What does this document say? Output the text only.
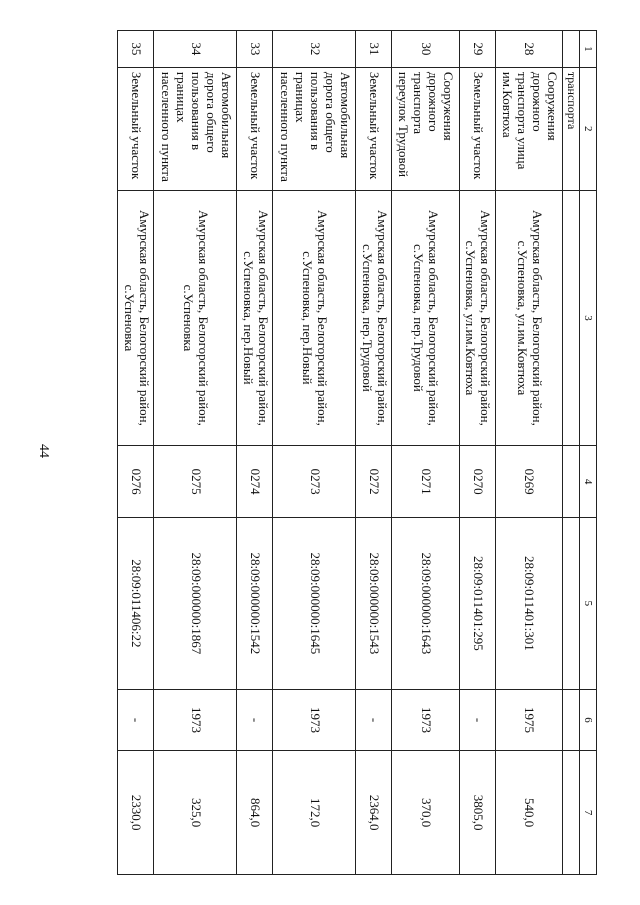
44
1	2	3	4	5	6	7
	транспорта					
28	Сооружения дорожного транспорта улица им.Ковтюха	Амурская область, Белогорский район, с.Успеновка, ул.им.Ковтюха	0269	28:09:011401:301	1975	540,0
29	Земельный участок	Амурская область, Белогорский район, с.Успеновка, ул.им.Ковтюха	0270	28:09:011401:295	-	3805,0
30	Сооружения дорожного транспорта переулок Трудовой	Амурская область, Белогорский район, с.Успеновка, пер.Трудовой	0271	28:09:000000:1643	1973	370,0
31	Земельный участок	Амурская область, Белогорский район, с.Успеновка, пер.Трудовой	0272	28:09:000000:1543	-	2364,0
32	Автомобильная дорога общего пользования в границах населенного пункта	Амурская область, Белогорский район, с.Успеновка, пер.Новый	0273	28:09:000000:1645	1973	172,0
33	Земельный участок	Амурская область, Белогорский район, с.Успеновка, пер.Новый	0274	28:09:000000:1542	-	864,0
34	Автомобильная дорога общего пользования в границах населенного пункта	Амурская область, Белогорский район, с.Успеновка	0275	28:09:000000:1867	1973	325,0
35	Земельный участок	Амурская область, Белогорский район, с.Успеновка	0276	28:09:011406:22	-	2330,0
